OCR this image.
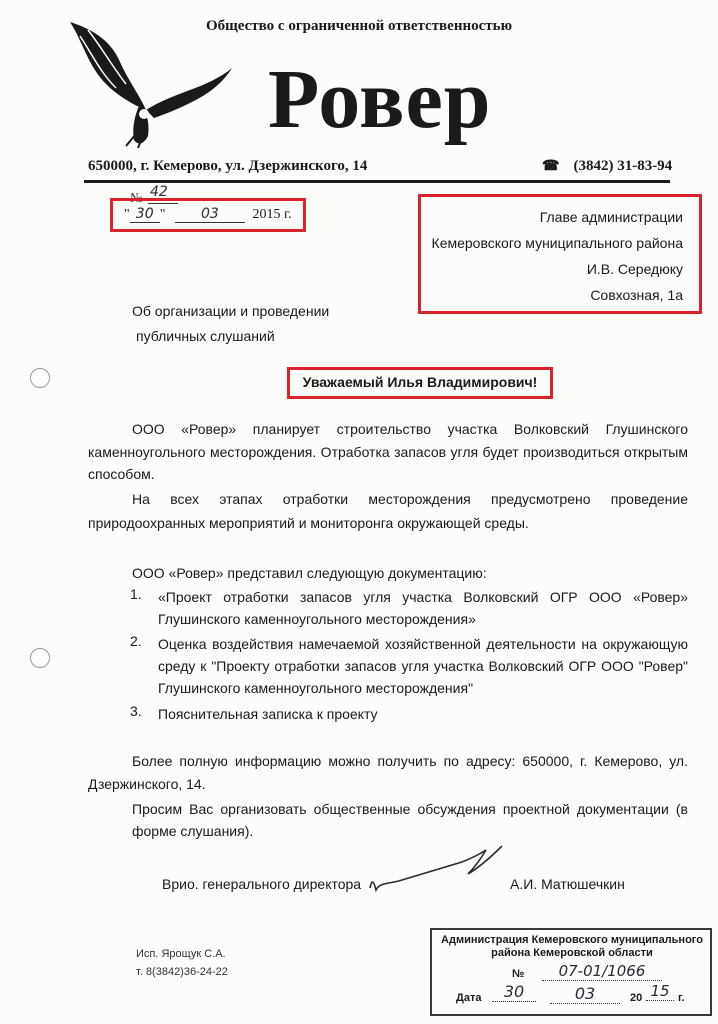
Общество с ограниченной ответственностью
Ровер
650000, г. Кемерово, ул. Дзержинского, 14	☎ (3842) 31-83-94
№ 42
" 30 "	03 2015 г.	Главе администрации
Кемеровского муниципального района
И.В. Середюку
Совхозная, 1а
Об организации и проведении
публичных слушаний
Уважаемый Илья Владимирович!
ООО «Ровер» планирует строительство участка Волковский Глушинского
каменноугольного месторождения. Отработка запасов угля будет производиться открытым способом.
На всех этапах отработки месторождения предусмотрено проведение
природоохранных мероприятий и мониторонга окружающей среды.
ООО «Ровер» представил следующую документацию:
1. «Проект отработки запасов угля участка Волковский ОГР ООО «Ровер» Глушинского каменноугольного месторождения»
2. Оценка воздействия намечаемой хозяйственной деятельности на окружающую среду к "Проекту отработки запасов угля участка Волковский ОГР ООО "Ровер" Глушинского каменноугольного месторождения"
3. Пояснительная записка к проекту
Более полную информацию можно получить по адресу: 650000, г. Кемерово, ул.
Дзержинского, 14.
Просим Вас организовать общественные обсуждения проектной документации (в форме слушания).
Врио. генерального директора	А.И. Матюшечкин
Исп. Ярощук С.А.
т. 8(3842)36-24-22
Администрация Кемеровского муниципального
района Кемеровской области
№	07-01/1066
Дата	30	03	20 15 г.
